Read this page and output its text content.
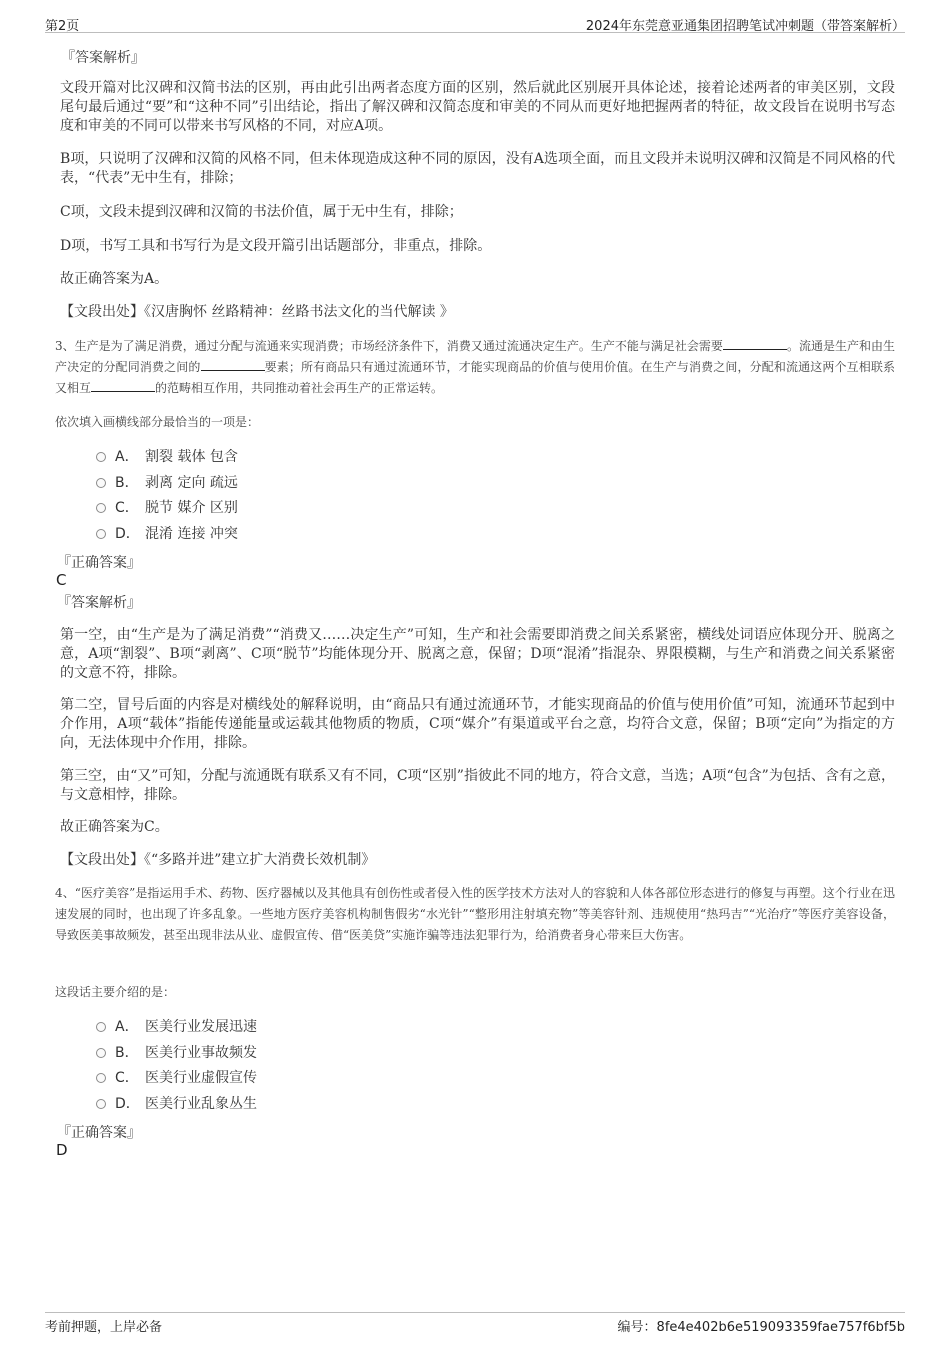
第2页	2024年东莞意亚通集团招聘笔试冲刺题（带答案解析）
『答案解析』
文段开篇对比汉碑和汉简书法的区别，再由此引出两者态度方面的区别，然后就此区别展开具体论述，接着论述两者的审美区别，文段尾句最后通过“要”和“这种不同”引出结论，指出了解汉碑和汉简态度和审美的不同从而更好地把握两者的特征，故文段旨在说明书写态度和审美的不同可以带来书写风格的不同，对应A项。
B项，只说明了汉碑和汉简的风格不同，但未体现造成这种不同的原因，没有A选项全面，而且文段并未说明汉碑和汉简是不同风格的代表，“代表”无中生有，排除；
C项，文段未提到汉碑和汉简的书法价值，属于无中生有，排除；
D项，书写工具和书写行为是文段开篇引出话题部分，非重点，排除。
故正确答案为A。
【文段出处】《汉唐胸怀 丝路精神：丝路书法文化的当代解读 》
3、生产是为了满足消费，通过分配与流通来实现消费；市场经济条件下，消费又通过流通决定生产。生产不能与满足社会需要	。流通是生产和由生产决定的分配同消费之间的	要素；所有商品只有通过流通环节，才能实现商品的价值与使用价值。在生产与消费之间，分配和流通这两个互相联系又相互	的范畴相互作用，共同推动着社会再生产的正常运转。
依次填入画横线部分最恰当的一项是：
A． 割裂 载体 包含
B． 剥离 定向 疏远
C． 脱节 媒介 区别
D． 混淆 连接 冲突
『正确答案』
C
『答案解析』
第一空，由“生产是为了满足消费”“消费又……决定生产”可知，生产和社会需要即消费之间关系紧密，横线处词语应体现分开、脱离之意，A项“割裂”、B项“剥离”、C项“脱节”均能体现分开、脱离之意，保留；D项“混淆”指混杂、界限模糊，与生产和消费之间关系紧密的文意不符，排除。
第二空，冒号后面的内容是对横线处的解释说明，由“商品只有通过流通环节，才能实现商品的价值与使用价值”可知，流通环节起到中介作用，A项“载体”指能传递能量或运载其他物质的物质，C项“媒介”有渠道或平台之意，均符合文意，保留；B项“定向”为指定的方向，无法体现中介作用，排除。
第三空，由“又”可知，分配与流通既有联系又有不同，C项“区别”指彼此不同的地方，符合文意，当选；A项“包含”为包括、含有之意，与文意相悖，排除。
故正确答案为C。
【文段出处】《“多路并进”建立扩大消费长效机制》
4、“医疗美容”是指运用手术、药物、医疗器械以及其他具有创伤性或者侵入性的医学技术方法对人的容貌和人体各部位形态进行的修复与再塑。这个行业在迅速发展的同时，也出现了许多乱象。一些地方医疗美容机构制售假劣“水光针”“整形用注射填充物”等美容针剂、违规使用“热玛吉”“光治疗”等医疗美容设备，导致医美事故频发，甚至出现非法从业、虚假宣传、借“医美贷”实施诈骗等违法犯罪行为，给消费者身心带来巨大伤害。
这段话主要介绍的是：
A． 医美行业发展迅速
B． 医美行业事故频发
C． 医美行业虚假宣传
D． 医美行业乱象丛生
『正确答案』
D
考前押题，上岸必备	编号：8fe4e402b6e519093359fae757f6bf5b
